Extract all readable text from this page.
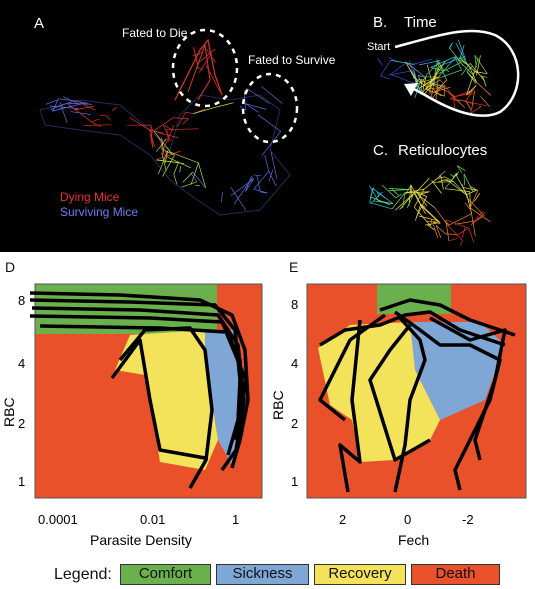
A
Fated to Die
Fated to Survive
Dying Mice
Surviving Mice
B. Time
Start
C. Reticulocytes
D
1
2
4
8
RBC
0.0001	0.01	1
Parasite Density
E
1
2
4
8
RBC
2	0	-2
Fech
Legend:	Comfort	Sickness	Recovery	Death
